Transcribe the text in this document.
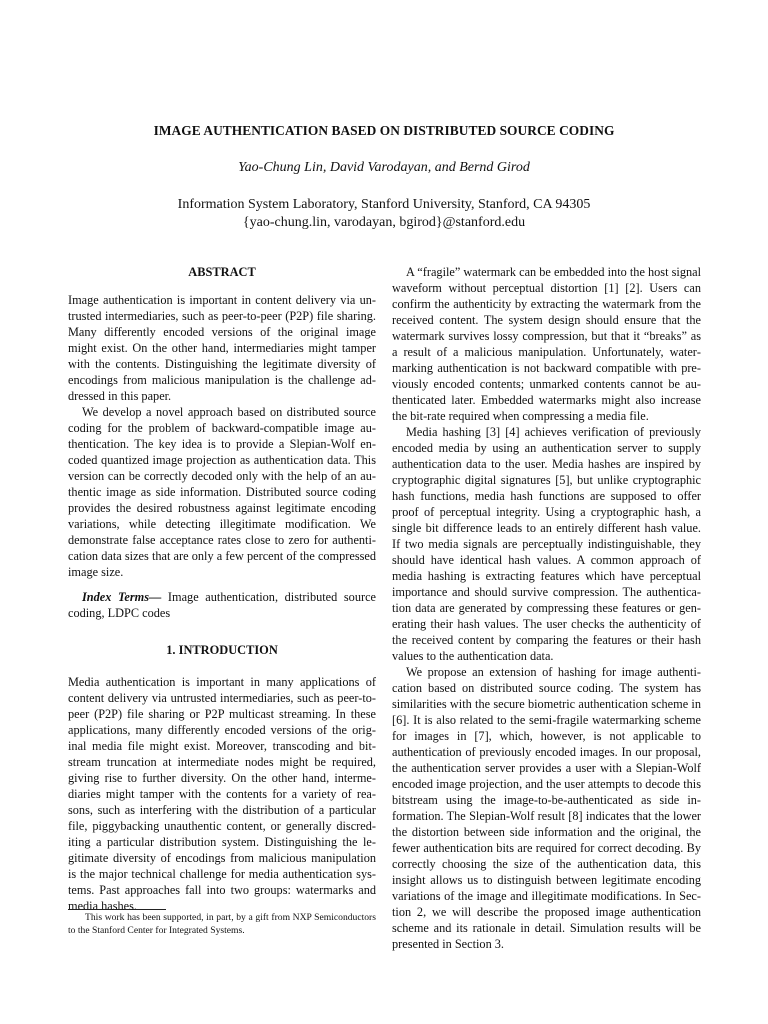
IMAGE AUTHENTICATION BASED ON DISTRIBUTED SOURCE CODING
Yao-Chung Lin, David Varodayan, and Bernd Girod
Information System Laboratory, Stanford University, Stanford, CA 94305
{yao-chung.lin, varodayan, bgirod}@stanford.edu
ABSTRACT

Image authentication is important in content delivery via untrusted intermediaries, such as peer-to-peer (P2P) file sharing. Many differently encoded versions of the original image might exist. On the other hand, intermediaries might tamper with the contents. Distinguishing the legitimate diversity of encodings from malicious manipulation is the challenge addressed in this paper.

We develop a novel approach based on distributed source coding for the problem of backward-compatible image authentication. The key idea is to provide a Slepian-Wolf encoded quantized image projection as authentication data. This version can be correctly decoded only with the help of an authentic image as side information. Distributed source coding provides the desired robustness against legitimate encoding variations, while detecting illegitimate modification. We demonstrate false acceptance rates close to zero for authentication data sizes that are only a few percent of the compressed image size.

Index Terms— Image authentication, distributed source coding, LDPC codes

1. INTRODUCTION

Media authentication is important in many applications of content delivery via untrusted intermediaries, such as peer-topeer (P2P) file sharing or P2P multicast streaming. In these applications, many differently encoded versions of the original media file might exist. Moreover, transcoding and bitstream truncation at intermediate nodes might be required, giving rise to further diversity. On the other hand, intermediaries might tamper with the contents for a variety of reasons, such as interfering with the distribution of a particular file, piggybacking unauthentic content, or generally discrediting a particular distribution system. Distinguishing the legitimate diversity of encodings from malicious manipulation is the major technical challenge for media authentication systems. Past approaches fall into two groups: watermarks and media hashes.

This work has been supported, in part, by a gift from NXP Semiconductors to the Stanford Center for Integrated Systems.

A “fragile” watermark can be embedded into the host signal waveform without perceptual distortion [1] [2]. Users can confirm the authenticity by extracting the watermark from the received content. The system design should ensure that the watermark survives lossy compression, but that it “breaks” as a result of a malicious manipulation. Unfortunately, watermarking authentication is not backward compatible with previously encoded contents; unmarked contents cannot be authenticated later. Embedded watermarks might also increase the bit-rate required when compressing a media file.

Media hashing [3] [4] achieves verification of previously encoded media by using an authentication server to supply authentication data to the user. Media hashes are inspired by cryptographic digital signatures [5], but unlike cryptographic hash functions, media hash functions are supposed to offer proof of perceptual integrity. Using a cryptographic hash, a single bit difference leads to an entirely different hash value. If two media signals are perceptually indistinguishable, they should have identical hash values. A common approach of media hashing is extracting features which have perceptual importance and should survive compression. The authentication data are generated by compressing these features or generating their hash values. The user checks the authenticity of the received content by comparing the features or their hash values to the authentication data.

We propose an extension of hashing for image authentication based on distributed source coding. The system has similarities with the secure biometric authentication scheme in [6]. It is also related to the semi-fragile watermarking scheme for images in [7], which, however, is not applicable to authentication of previously encoded images. In our proposal, the authentication server provides a user with a Slepian-Wolf encoded image projection, and the user attempts to decode this bitstream using the image-to-be-authenticated as side information. The Slepian-Wolf result [8] indicates that the lower the distortion between side information and the original, the fewer authentication bits are required for correct decoding. By correctly choosing the size of the authentication data, this insight allows us to distinguish between legitimate encoding variations of the image and illegitimate modifications. In Section 2, we will describe the proposed image authentication scheme and its rationale in detail. Simulation results will be presented in Section 3.
